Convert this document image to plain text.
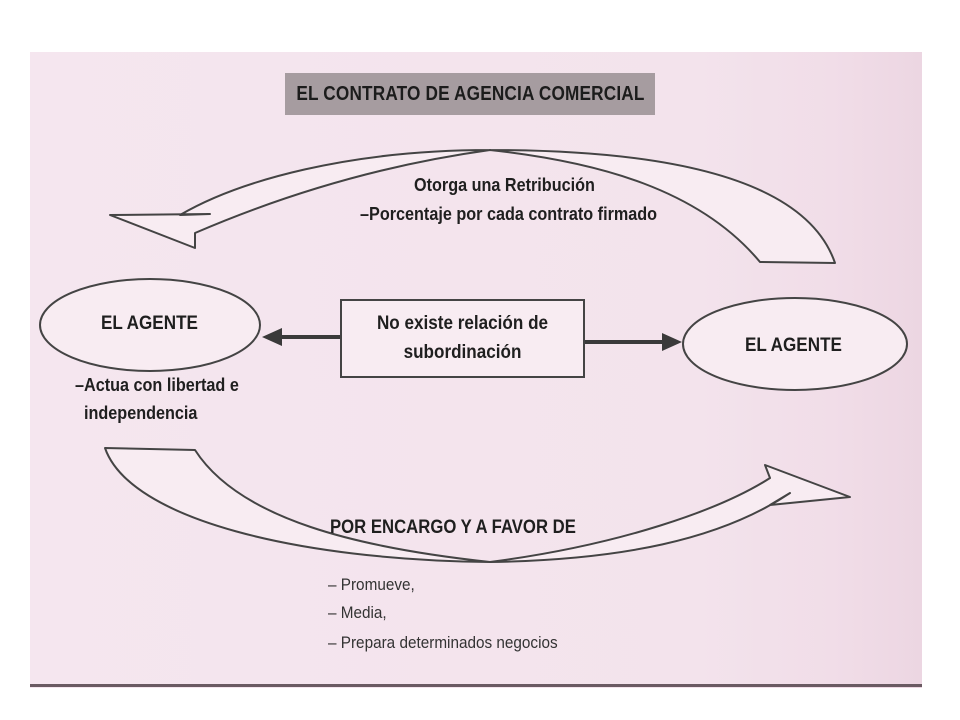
EL CONTRATO DE AGENCIA COMERCIAL
Otorga una Retribución
–Porcentaje por cada contrato firmado
EL AGENTE
EL AGENTE
No existe relación de
subordinación
–Actua con libertad e
independencia
POR ENCARGO Y A FAVOR DE
– Promueve,
– Media,
– Prepara determinados negocios
